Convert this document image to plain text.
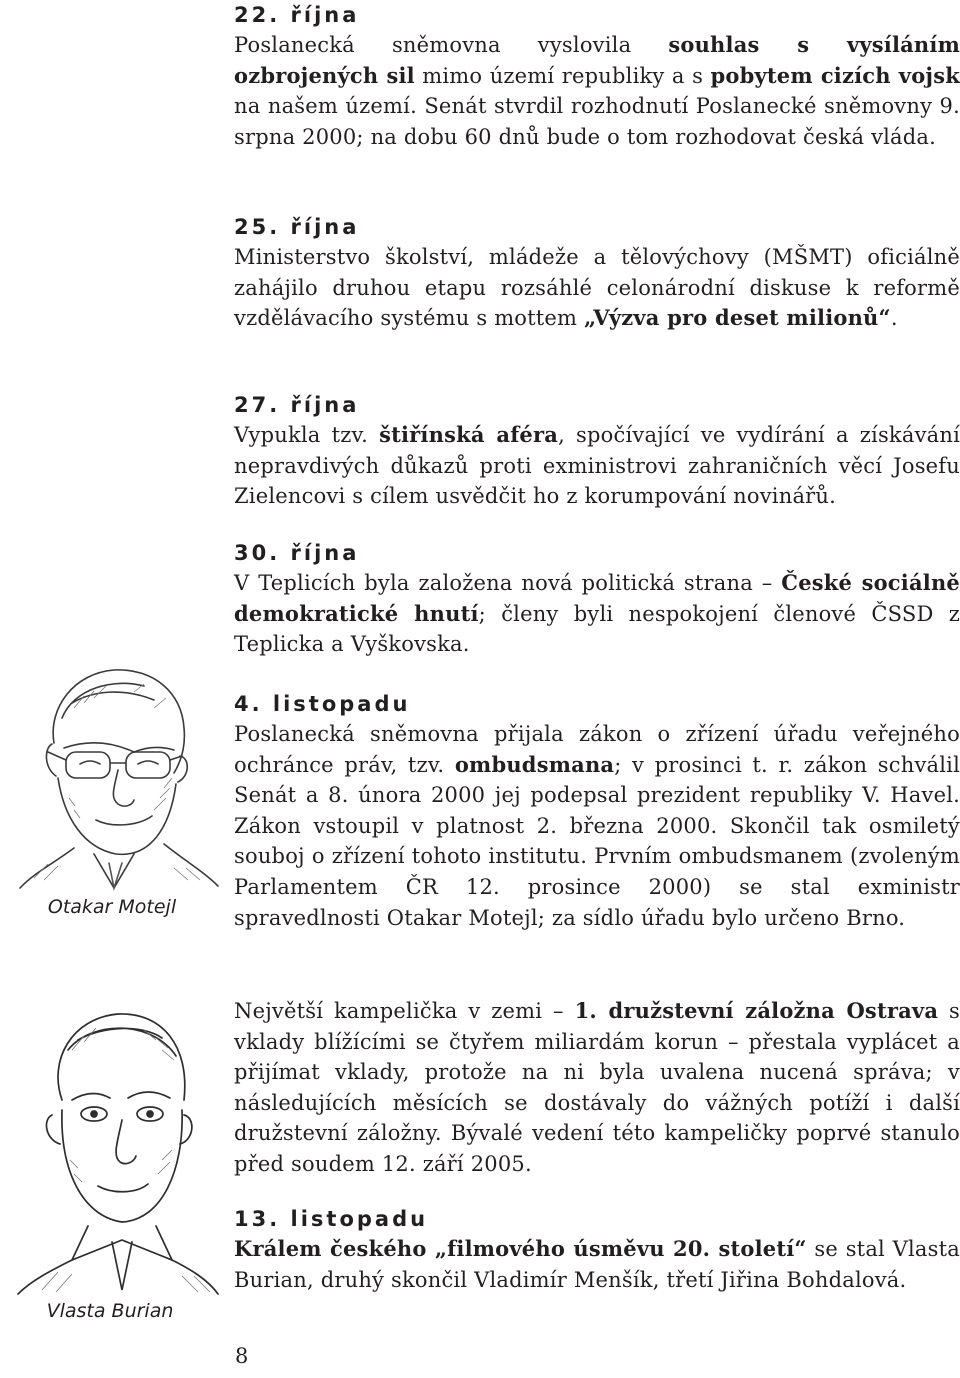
Otakar Motejl
Vlasta Burian
22. října

Poslanecká sněmovna vyslovila souhlas s vysíláním ozbrojených sil mimo území republiky a s pobytem cizích vojsk na našem území. Senát stvrdil rozhodnutí Poslanecké sněmovny 9. srpna 2000; na dobu 60 dnů bude o tom rozhodovat česká vláda.

25. října

Ministerstvo školství, mládeže a tělovýchovy (MŠMT) oficiálně zahájilo druhou etapu rozsáhlé celonárodní diskuse k reformě vzdělávacího systému s mottem „Výzva pro deset milionů“.

27. října

Vypukla tzv. štiřínská aféra, spočívající ve vydírání a získávání nepravdivých důkazů proti exministrovi zahraničních věcí Josefu Zielencovi s cílem usvědčit ho z korumpování novinářů.

30. října

V Teplicích byla založena nová politická strana – České sociálně demokratické hnutí; členy byli nespokojení členové ČSSD z Teplicka a Vyškovska.

4. listopadu

Poslanecká sněmovna přijala zákon o zřízení úřadu veřejného ochránce práv, tzv. ombudsmana; v prosinci t. r. zákon schválil Senát a 8. února 2000 jej podepsal prezident republiky V. Havel. Zákon vstoupil v platnost 2. března 2000. Skončil tak osmiletý souboj o zřízení tohoto institutu. Prvním ombudsmanem (zvoleným Parlamentem ČR 12. prosince 2000) se stal exministr spravedlnosti Otakar Motejl; za sídlo úřadu bylo určeno Brno.

Největší kampelička v zemi – 1. družstevní záložna Ostrava s vklady blížícími se čtyřem miliardám korun – přestala vyplácet a přijímat vklady, protože na ni byla uvalena nucená správa; v následujících měsících se dostávaly do vážných potíží i další družstevní záložny. Bývalé vedení této kampeličky poprvé stanulo před soudem 12. září 2005.

13. listopadu

Králem českého „filmového úsměvu 20. století“ se stal Vlasta Burian, druhý skončil Vladimír Menšík, třetí Jiřina Bohdalová.

8
